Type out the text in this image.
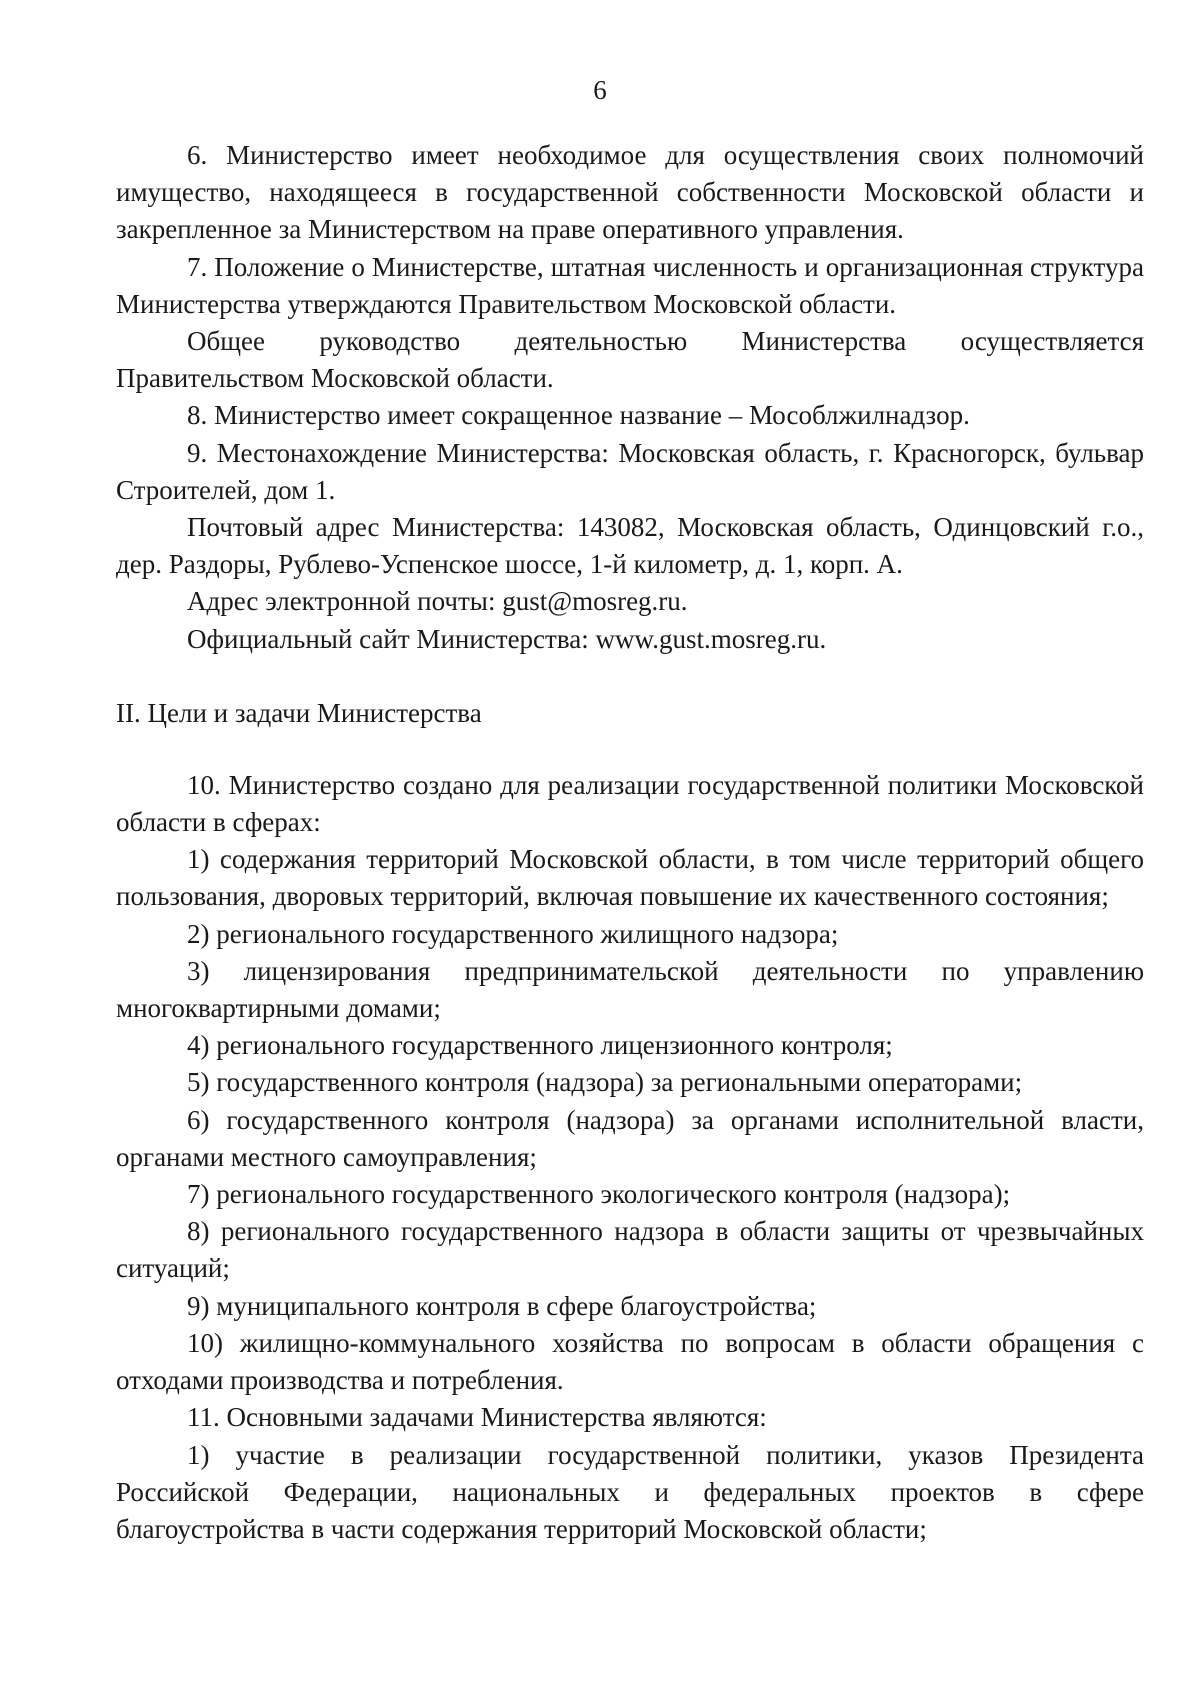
6

6. Министерство имеет необходимое для осуществления своих полномочий имущество, находящееся в государственной собственности Московской области и закрепленное за Министерством на праве оперативного управления.

7. Положение о Министерстве, штатная численность и организационная структура Министерства утверждаются Правительством Московской области.

Общее руководство деятельностью Министерства осуществляется Правительством Московской области.

8. Министерство имеет сокращенное название – Мособлжилнадзор.

9. Местонахождение Министерства: Московская область, г. Красногорск, бульвар Строителей, дом 1.

Почтовый адрес Министерства: 143082, Московская область, Одинцовский г.о., дер. Раздоры, Рублево-Успенское шоссе, 1-й километр, д. 1, корп. А.

Адрес электронной почты: gust@mosreg.ru.

Официальный сайт Министерства: www.gust.mosreg.ru.

II. Цели и задачи Министерства

10. Министерство создано для реализации государственной политики Московской области в сферах:

1) содержания территорий Московской области, в том числе территорий общего пользования, дворовых территорий, включая повышение их качественного состояния;

2) регионального государственного жилищного надзора;

3) лицензирования предпринимательской деятельности по управлению многоквартирными домами;

4) регионального государственного лицензионного контроля;

5) государственного контроля (надзора) за региональными операторами;

6) государственного контроля (надзора) за органами исполнительной власти, органами местного самоуправления;

7) регионального государственного экологического контроля (надзора);

8) регионального государственного надзора в области защиты от чрезвычайных ситуаций;

9) муниципального контроля в сфере благоустройства;

10) жилищно-коммунального хозяйства по вопросам в области обращения с отходами производства и потребления.

11. Основными задачами Министерства являются:

1) участие в реализации государственной политики, указов Президента Российской Федерации, национальных и федеральных проектов в сфере благоустройства в части содержания территорий Московской области;
